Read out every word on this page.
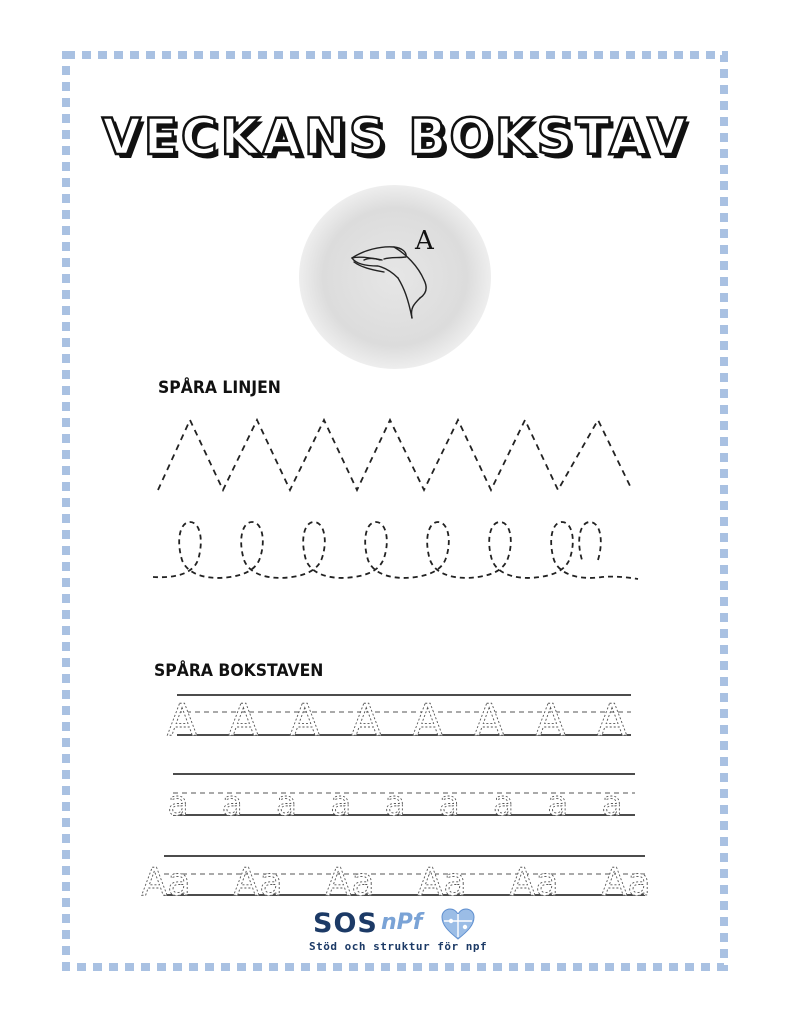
VECKANS BOKSTAV
A
SPÅRA LINJEN
A A A A A A A A
a a a a a a a a a
Aa Aa Aa Aa Aa Aa
SPÅRA BOKSTAVEN
SOS nPf
Stöd och struktur för npf
